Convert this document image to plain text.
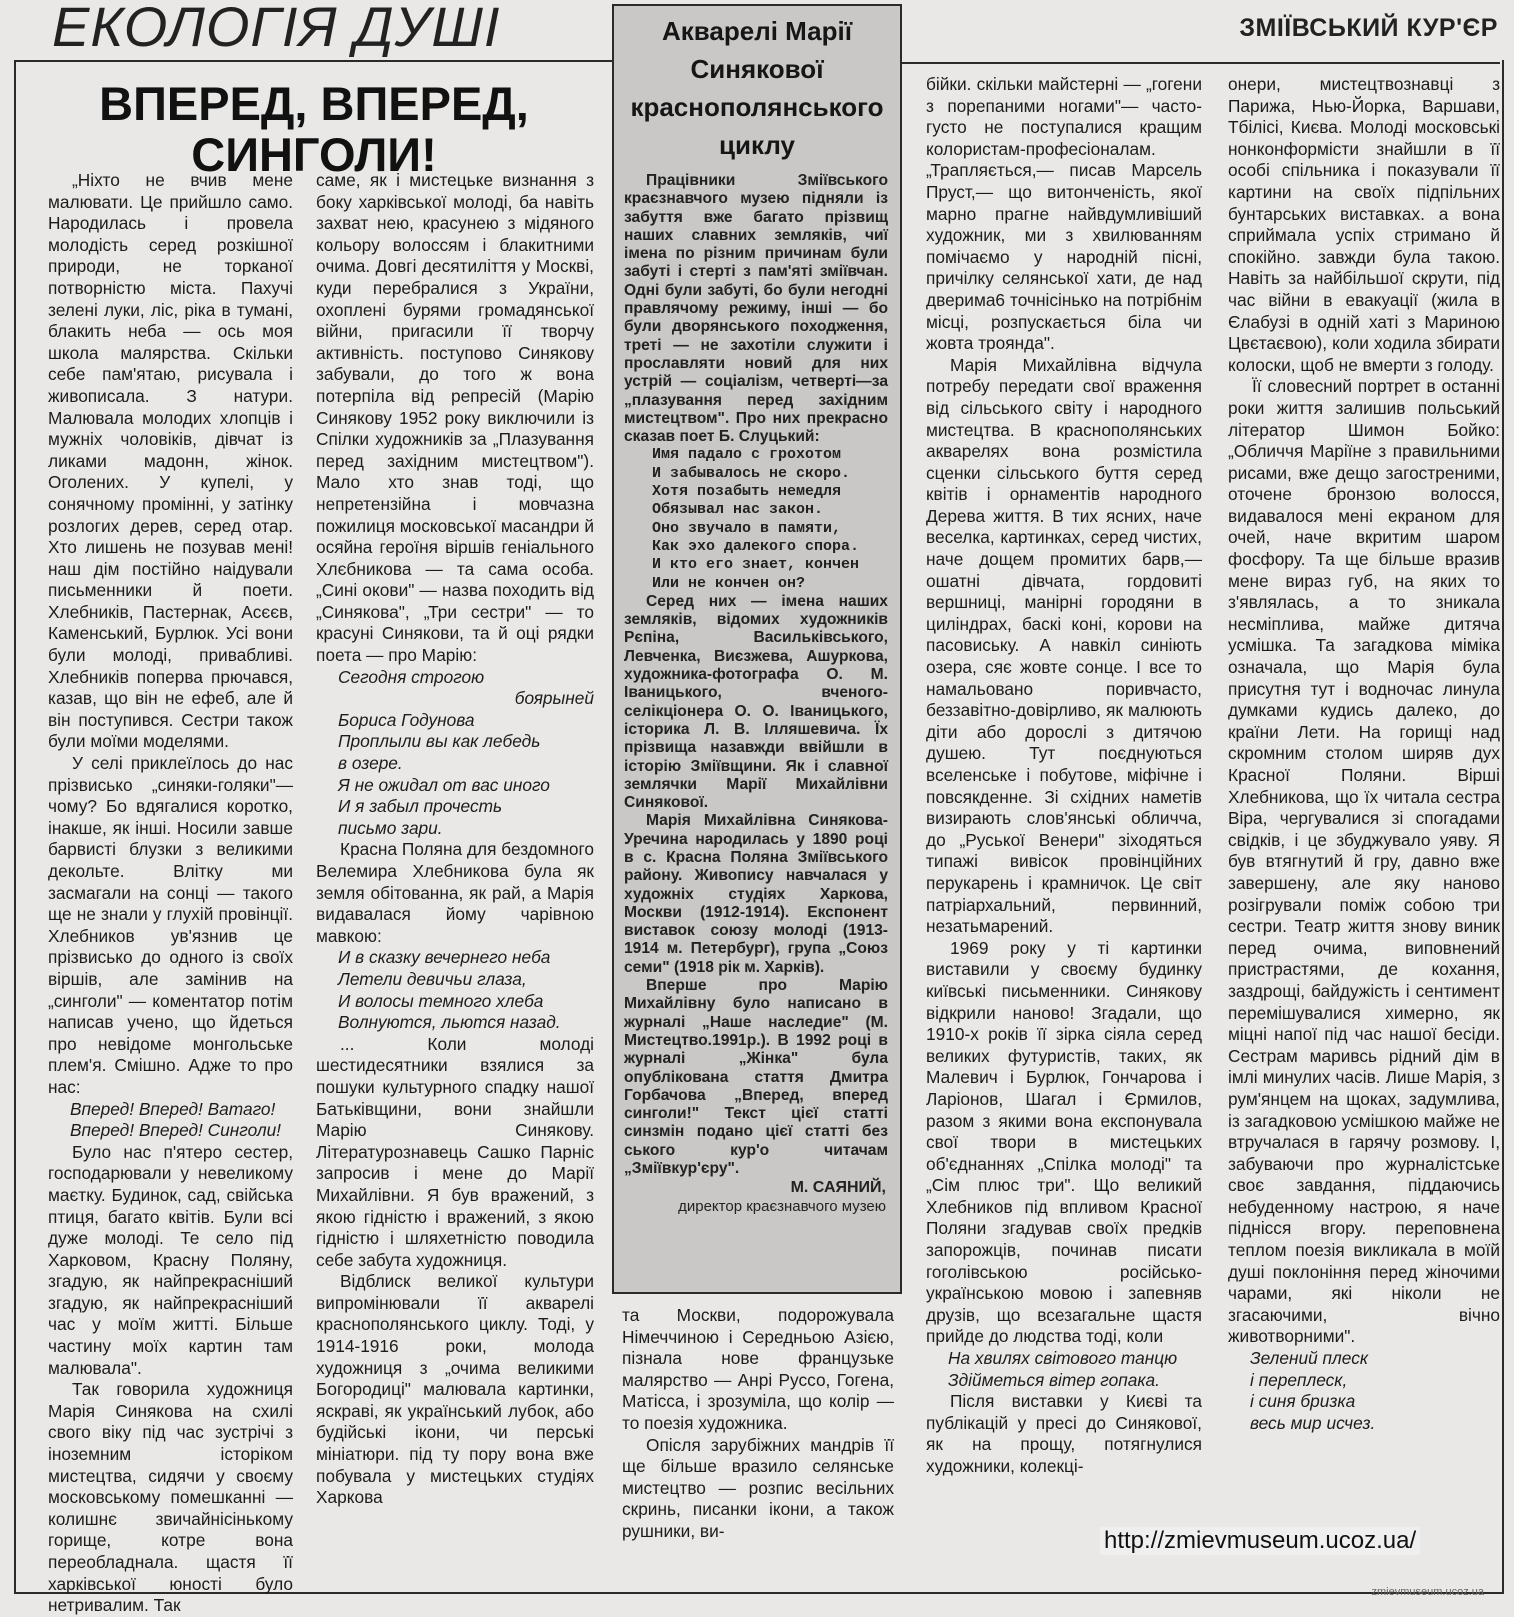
ЕКОЛОГІЯ ДУШІ	ЗМІЇВСЬКИЙ КУР'ЄР
ВПЕРЕД, ВПЕРЕД,
СИНГОЛИ!

„Ніхто не вчив мене малювати. Це прийшло само. Народилась і провела молодість серед розкішної природи, не торканої потворністю міста. Пахучі зелені луки, ліс, ріка в тумані, блакить неба — ось моя школа малярства. Скільки себе пам'ятаю, рисувала і живописала. З натури. Малювала молодих хлопців і мужніх чоловіків, дівчат із ликами мадонн, жінок. Оголених. У купелі, у сонячному промінні, у затінку розлогих дерев, серед отар. Хто лишень не позував мені! наш дім постійно наідували письменники й поети. Хлебників, Пастернак, Асєєв, Каменський, Бурлюк. Усі вони були молоді, привабливі. Хлебників поперва прючався, казав, що він не ефеб, але й він поступився. Сестри також були моїми моделями.

У селі приклеїлось до нас прізвисько „синяки-голяки"— чому? Бо вдягалися коротко, інакше, як інші. Носили завше барвисті блузки з великими декольте. Влітку ми засмагали на сонці — такого ще не знали у глухій провінції. Хлебников ув'язнив це прізвисько до одного із своїх віршів, але замінив на „синголи" — коментатор потім написав учено, що йдеться про невідоме монгольське плем'я. Смішно. Адже то про нас:

Вперед! Вперед! Ватаго!

Вперед! Вперед! Синголи!

Було нас п'ятеро сестер, господарювали у невеликому маєтку. Будинок, сад, свійська птиця, багато квітів. Були всі дуже молоді. Те село під Харковом, Красну Поляну, згадую, як найпрекрасніший згадую, як найпрекрасніший час у моїм житті. Більше частину моїх картин там малювала".

Так говорила художниця Марія Синякова на схилі свого віку під час зустрічі з іноземним історіком мистецтва, сидячи у своєму московському помешканні — колишнє звичайнісінькому горище, котре вона переобладнала. щастя її харківської юності було нетривалим. Так

саме, як і мистецьке визнання з боку харківської молоді, ба навіть захват нею, красунею з мідяного кольору волоссям і блакитними очима. Довгі десятиліття у Москві, куди перебралися з України, охоплені бурями громадянської війни, пригасили її творчу активність. поступово Синякову забували, до того ж вона потерпіла від репресій (Марію Синякову 1952 року виключили із Спілки художників за „Плазування перед західним мистецтвом"). Мало хто знав тоді, що непретензійна і мовчазна пожилиця московської масандри й осяйна героїня віршів геніального Хлєбникова — та сама особа. „Сині окови" — назва походить від „Синякова", „Три сестри" — то красуні Синякови, та й оці рядки поета — про Марію:

Сегодня строгою

боярыней

Бориса Годунова

Проплыли вы как лебедь

в озере.

Я не ожидал от вас иного

И я забыл прочесть

письмо зари.

Красна Поляна для бездомного Велемира Хлебникова була як земля обітованна, як рай, а Марія видавалася йому чарівною мавкою:

И в сказку вечернего неба

Летели девичьи глаза,

И волосы темного хлеба

Волнуются, льются назад.

... Коли молоді шестидесятники взялися за пошуки культурного спадку нашої Батьківщини, вони знайшли Марію Синякову. Літературознавець Сашко Парніс запросив і мене до Марії Михайлівни. Я був вражений, з якою гідністю і вражений, з якою гідністю і шляхетністю поводила себе забута художниця.

Відблиск великої культури випромінювали її акварелі краснополянського циклу. Тоді, у 1914-1916 роки, молода художниця з „очима великими Богородиці" малювала картинки, яскраві, як український лубок, або будійські ікони, чи перські мініатюри. під ту пору вона вже побувала у мистецьких студіях Харкова

Акварелі Марії
Синякової
краснополянського
циклу

Працівники Зміївського краєзнавчого музею підняли із забуття вже багато прізвищ наших славних земляків, чиї імена по різним причинам були забуті і стерті з пам'яті зміївчан. Одні були забуті, бо були негодні правлячому режиму, інші — бо були дворянського походження, треті — не захотіли служити і прославляти новий для них устрій — соціалізм, четверті—за „плазування перед західним мистецтвом". Про них прекрасно сказав поет Б. Слуцький:

Имя падало с грохотом

И забывалось не скоро.

Хотя позабыть немедля

Обязывал нас закон.

Оно звучало в памяти,

Как эхо далекого спора.

И кто его знает, кончен

Или не кончен он?

Серед них — імена наших земляків, відомих художників Рєпіна, Васильківського, Левченка, Виєзжева, Ашуркова, художника-фотографа О. М. Іваницького, вченого-селікціонера О. О. Іваницького, історика Л. В. Ілляшевича. Їх прізвища назавжди ввійшли в історію Зміївщини. Як і славної землячки Марії Михайлівни Синякової.

Марія Михайлівна Синякова-Уречина народилась у 1890 році в с. Красна Поляна Зміївського району. Живопису навчалася у художніх студіях Харкова, Москви (1912-1914). Експонент виставок союзу молоді (1913-1914 м. Петербург), група „Союз семи" (1918 рік м. Харків).

Вперше про Марію Михайлівну було написано в журналі „Наше наследие" (М. Мистецтво.1991р.). В 1992 році в журналі „Жінка" була опублікована стаття Дмитра Горбачова „Вперед, вперед синголи!" Текст цієї статті синзмін подано цієї статті без ського кур'о читачам „Зміївкур'єру".

М. САЯНИЙ,
директор краєзнавчого музею

та Москви, подорожувала Німеччиною і Середньою Азією, пізнала нове французьке малярство — Анрі Руссо, Гогена, Матісса, і зрозуміла, що колір — то поезія художника.

Опісля зарубіжних мандрів її ще більше вразило селянське мистецтво — розпис весільних скринь, писанки ікони, а також рушники, ви-

бійки. скільки майстерні — „гогени з порепаними ногами"— часто-густо не поступалися кращим колористам-професіоналам. „Трапляється,— писав Марсель Пруст,— що витонченість, якої марно прагне найвдумливіший художник, ми з хвилюванням помічаємо у народній пісні, причілку селянської хати, де над дверима6 точнісінько на потрібнім місці, розпускається біла чи жовта троянда".

Марія Михайлівна відчула потребу передати свої враження від сільського світу і народного мистецтва. В краснополянських акварелях вона розмістила сценки сільського буття серед квітів і орнаментів народного Дерева життя. В тих ясних, наче веселка, картинках, серед чистих, наче дощем промитих барв,— ошатні дівчата, гордовиті вершниці, манірні городяни в циліндрах, баскі коні, корови на пасовиську. А навкіл синіють озера, сяє жовте сонце. І все то намальовано поривчасто, беззавітно-довірливо, як малюють діти або дорослі з дитячою душею. Тут поєднуються вселенське і побутове, міфічне і повсякденне. Зі східних наметів визирають слов'янські обличча, до „Руської Венери" зіходяться типажі вивісок провінційних перукарень і крамничок. Це світ патріархальний, первинний, незатьмарений.

1969 року у ті картинки виставили у своєму будинку київські письменники. Синякову відкрили наново! Згадали, що 1910-х років її зірка сіяла серед великих футуристів, таких, як Малевич і Бурлюк, Гончарова і Ларіонов, Шагал і Єрмилов, разом з якими вона експонувала свої твори в мистецьких об'єднаннях „Спілка молоді" та „Сім плюс три". Що великий Хлебников під впливом Красної Поляни згадував своїх предків запорожців, починав писати гоголівською російсько-українською мовою і запевняв друзів, що всезагальне щастя прийде до людства тоді, коли

На хвилях світового танцю

Здійметься вітер гопака.

Після виставки у Києві та публікацій у пресі до Синякової, як на прощу, потягнулися художники, колекці-

онери, мистецтвознавці з Парижа, Нью-Йорка, Варшави, Тбілісі, Києва. Молоді московські нонконформісти знайшли в її особі спільника і показували її картини на своїх підпільних бунтарських виставках. а вона сприймала успіх стримано й спокійно. завжди була такою. Навіть за найбільшої скрути, під час війни в евакуації (жила в Єлабузі в одній хаті з Мариною Цвєтаєвою), коли ходила збирати колоски, щоб не вмерти з голоду.

Її словесний портрет в останні роки життя залишив польський літератор Шимон Бойко: „Обличчя Маріїне з правильними рисами, вже дещо загостреними, оточене бронзою волосся, видавалося мені екраном для очей, наче вкритим шаром фосфору. Та ще більше вразив мене вираз губ, на яких то з'являлась, а то зникала несміплива, майже дитяча усмішка. Та загадкова міміка означала, що Марія була присутня тут і водночас линула думками кудись далеко, до країни Лети. На горищі над скромним столом ширяв дух Красної Поляни. Вірші Хлебникова, що їх читала сестра Віра, чергувалися зі спогадами свідків, і це збуджувало уяву. Я був втягнутий й гру, давно вже завершену, але яку наново розігрували поміж собою три сестри. Театр життя знову виник перед очима, виповнений пристрастями, де кохання, заздрощі, байдужість і сентимент перемішувалися химерно, як міцні напої під час нашої бесіди. Сестрам маривсь рідний дім в імлі минулих часів. Лише Марія, з рум'янцем на щоках, задумлива, із загадковою усмішкою майже не втручалася в гарячу розмову. І, забуваючи про журналістське своє завдання, піддаючись небуденному настрою, я наче піднісся вгору. переповнена теплом поезія викликала в моїй душі поклоніння перед жіночими чарами, які ніколи не згасаючими, вічно животворними".

Зелений плеск

і переплеск,

і синя бризка

весь мир исчез.

http://zmievmuseum.ucoz.ua/
zmievmuseum.ucoz.ua
